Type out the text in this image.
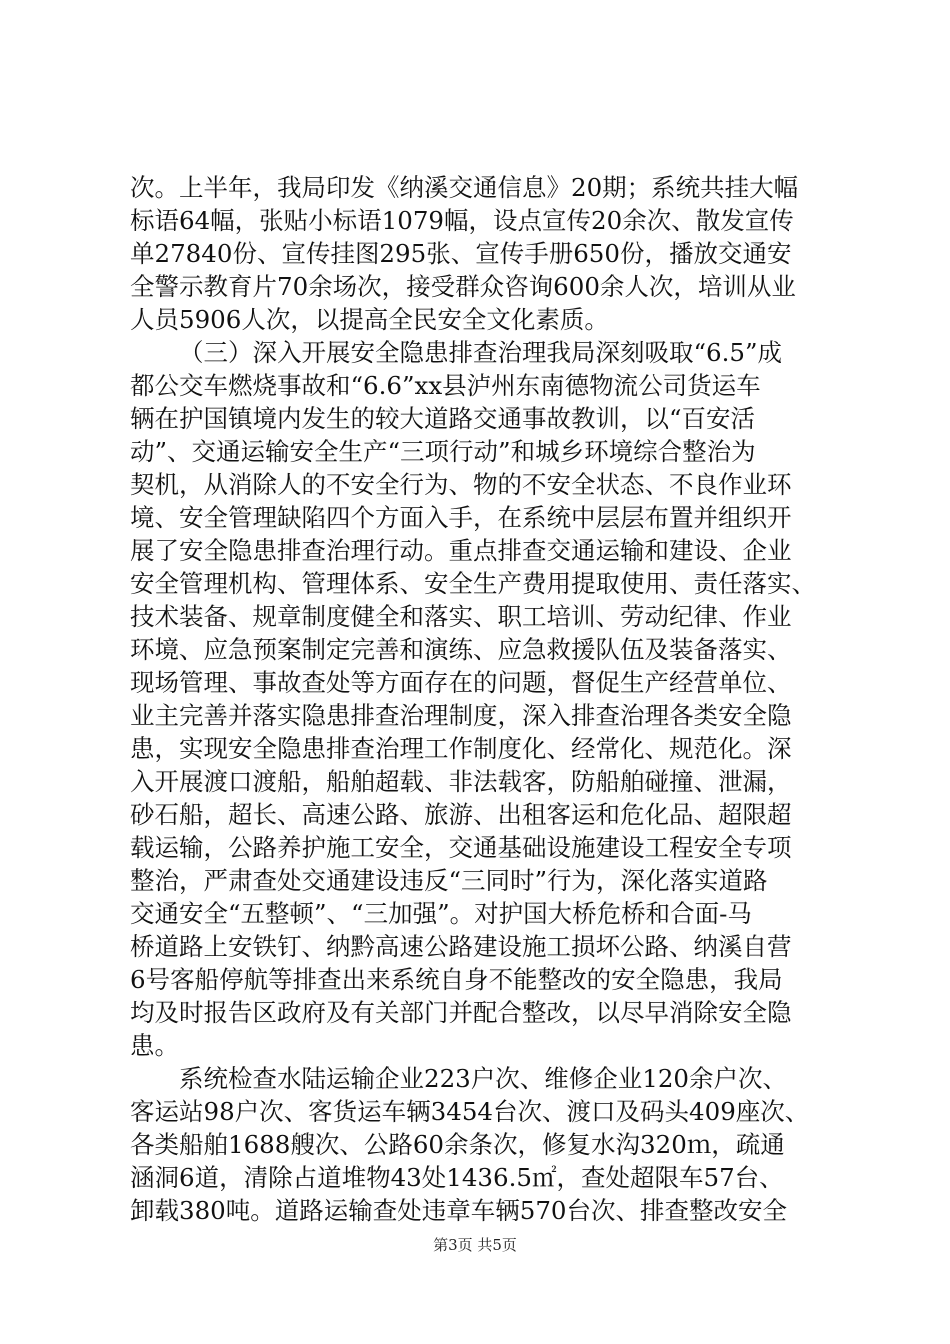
次。上半年，我局印发《纳溪交通信息》20期；系统共挂大幅
标语64幅，张贴小标语1079幅，设点宣传20余次、散发宣传
单27840份、宣传挂图295张、宣传手册650份，播放交通安
全警示教育片70余场次，接受群众咨询600余人次，培训从业
人员5906人次，以提高全民安全文化素质。
（三）深入开展安全隐患排查治理我局深刻吸取“6.5”成
都公交车燃烧事故和“6.6”xx县泸州东南德物流公司货运车
辆在护国镇境内发生的较大道路交通事故教训，以“百安活
动”、交通运输安全生产“三项行动”和城乡环境综合整治为
契机，从消除人的不安全行为、物的不安全状态、不良作业环
境、安全管理缺陷四个方面入手，在系统中层层布置并组织开
展了安全隐患排查治理行动。重点排查交通运输和建设、企业
安全管理机构、管理体系、安全生产费用提取使用、责任落实、
技术装备、规章制度健全和落实、职工培训、劳动纪律、作业
环境、应急预案制定完善和演练、应急救援队伍及装备落实、
现场管理、事故查处等方面存在的问题，督促生产经营单位、
业主完善并落实隐患排查治理制度，深入排查治理各类安全隐
患，实现安全隐患排查治理工作制度化、经常化、规范化。深
入开展渡口渡船，船舶超载、非法载客，防船舶碰撞、泄漏，
砂石船，超长、高速公路、旅游、出租客运和危化品、超限超
载运输，公路养护施工安全，交通基础设施建设工程安全专项
整治，严肃查处交通建设违反“三同时”行为，深化落实道路
交通安全“五整顿”、“三加强”。对护国大桥危桥和合面-马
桥道路上安铁钉、纳黔高速公路建设施工损坏公路、纳溪自营
6号客船停航等排查出来系统自身不能整改的安全隐患，我局
均及时报告区政府及有关部门并配合整改，以尽早消除安全隐
患。
系统检查水陆运输企业223户次、维修企业120余户次、
客运站98户次、客货运车辆3454台次、渡口及码头409座次、
各类船舶1688艘次、公路60余条次，修复水沟320ｍ，疏通
涵洞6道，清除占道堆物43处1436.5㎡，查处超限车57台、
卸载380吨。道路运输查处违章车辆570台次、排查整改安全
第3页 共5页
